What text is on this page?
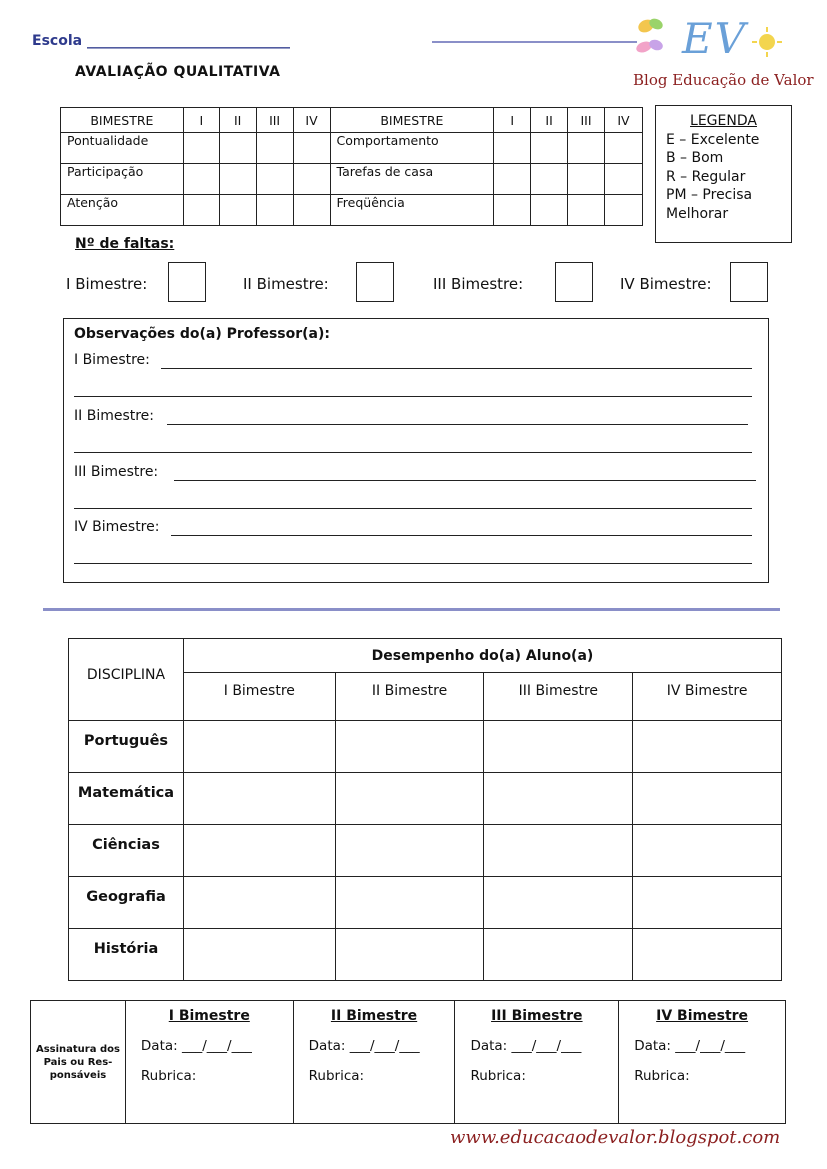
Escola _____________________________	EV
Blog Educação de Valor
AVALIAÇÃO QUALITATIVA
BIMESTRE	I	II	III	IV	BIMESTRE	I	II	III	IV
Pontualidade					Comportamento				
Participação					Tarefas de casa				
Atenção					Freqüência				
LEGENDA
E – Excelente
B – Bom
R – Regular
PM – Precisa Melhorar
Nº de faltas:
I Bimestre:	II Bimestre:	III Bimestre:	IV Bimestre:
Observações do(a) Professor(a):
I Bimestre:
II Bimestre:
III Bimestre:
IV Bimestre:
DISCIPLINA	Desempenho do(a) Aluno(a)			
	I Bimestre	II Bimestre	III Bimestre	IV Bimestre
Português				
Matemática				
Ciências				
Geografia				
História				
Assinatura dos Pais ou Res-ponsáveis	
I Bimestre
Data: ___/___/___
Rubrica:

II Bimestre
Data: ___/___/___
Rubrica:

III Bimestre
Data: ___/___/___
Rubrica:

IV Bimestre
Data: ___/___/___
Rubrica:
www.educacaodevalor.blogspot.com
